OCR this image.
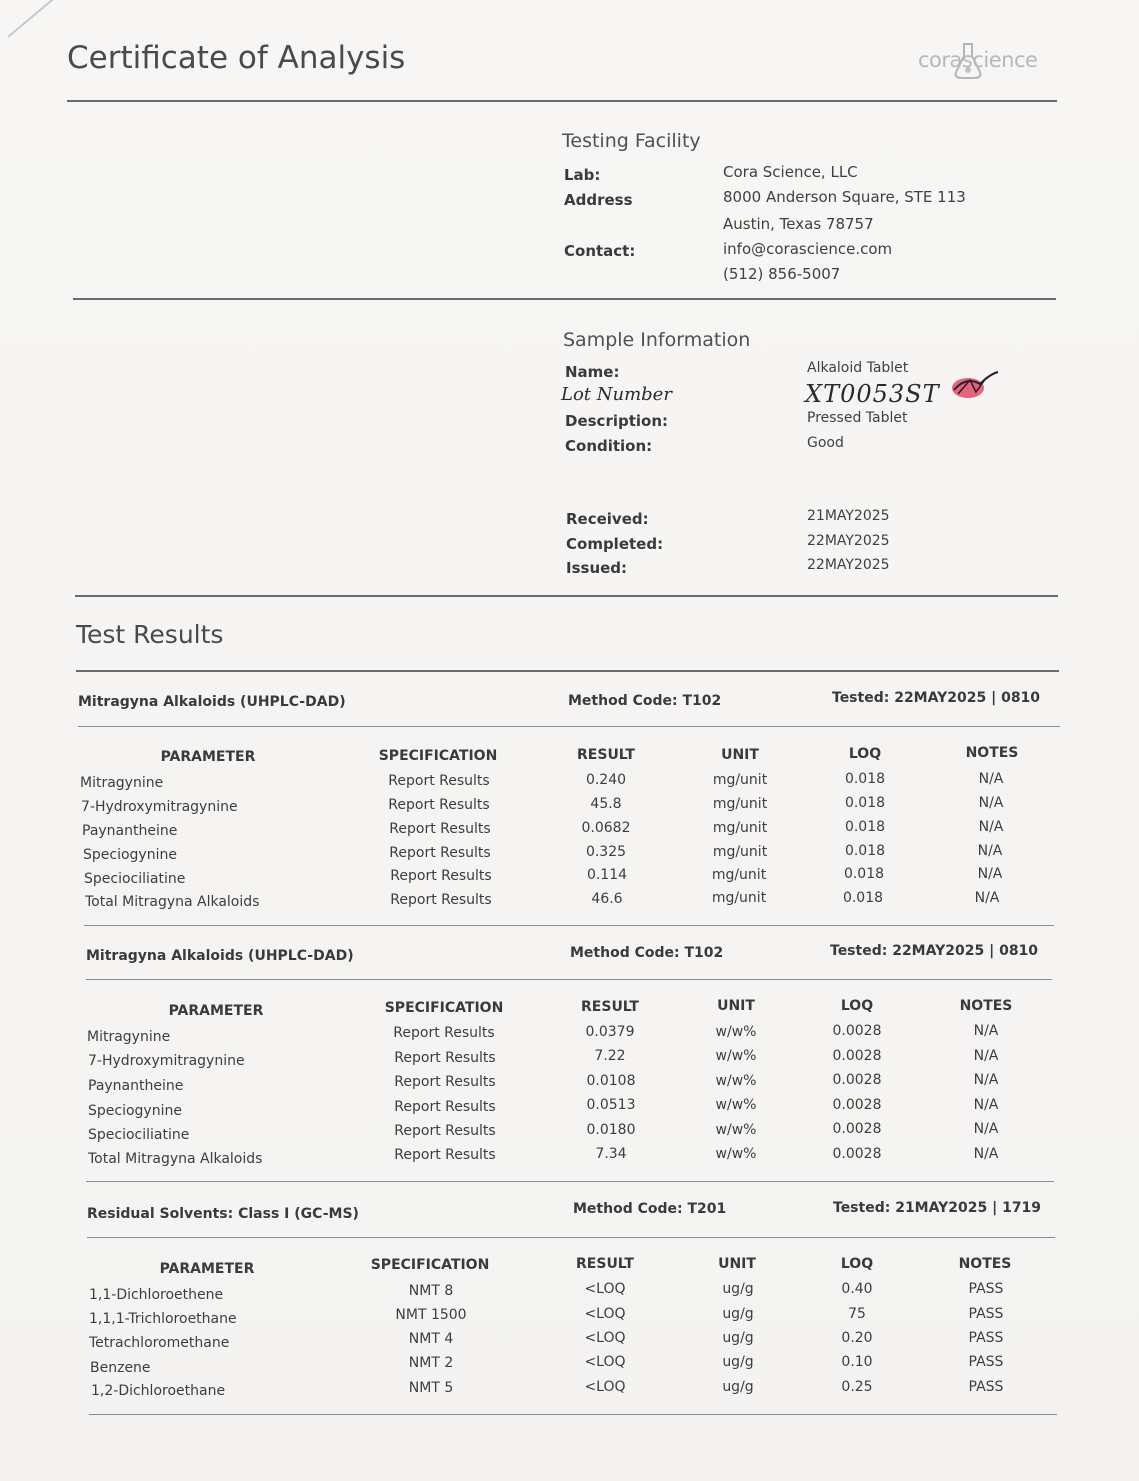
Certificate of Analysis	corascience
Testing Facility
Lab:	Cora Science, LLC
Address	8000 Anderson Square, STE 113
Austin, Texas 78757
Contact:	info@corascience.com
(512) 856-5007
Sample Information
Name:	Alkaloid Tablet
Lot Number	XT0053ST
Description:	Pressed Tablet
Condition:	Good
Received:	21MAY2025
Completed:	22MAY2025
Issued:	22MAY2025
Test Results
Mitragyna Alkaloids (UHPLC-DAD)	Method Code: T102	Tested: 22MAY2025 | 0810
PARAMETER	SPECIFICATION	RESULT	UNIT	LOQ	NOTES
Mitragynine	Report Results	0.240	mg/unit	0.018	N/A
7-Hydroxymitragynine	Report Results	45.8	mg/unit	0.018	N/A
Paynantheine	Report Results	0.0682	mg/unit	0.018	N/A
Speciogynine	Report Results	0.325	mg/unit	0.018	N/A
Speciociliatine	Report Results	0.114	mg/unit	0.018	N/A
Total Mitragyna Alkaloids	Report Results	46.6	mg/unit	0.018	N/A
Mitragyna Alkaloids (UHPLC-DAD)	Method Code: T102	Tested: 22MAY2025 | 0810
PARAMETER	SPECIFICATION	RESULT	UNIT	LOQ	NOTES
Mitragynine	Report Results	0.0379	w/w%	0.0028	N/A
7-Hydroxymitragynine	Report Results	7.22	w/w%	0.0028	N/A
Paynantheine	Report Results	0.0108	w/w%	0.0028	N/A
Speciogynine	Report Results	0.0513	w/w%	0.0028	N/A
Speciociliatine	Report Results	0.0180	w/w%	0.0028	N/A
Total Mitragyna Alkaloids	Report Results	7.34	w/w%	0.0028	N/A
Residual Solvents: Class I (GC-MS)	Method Code: T201	Tested: 21MAY2025 | 1719
PARAMETER	SPECIFICATION	RESULT	UNIT	LOQ	NOTES
1,1-Dichloroethene	NMT 8	<LOQ	ug/g	0.40	PASS
1,1,1-Trichloroethane	NMT 1500	<LOQ	ug/g	75	PASS
Tetrachloromethane	NMT 4	<LOQ	ug/g	0.20	PASS
Benzene	NMT 2	<LOQ	ug/g	0.10	PASS
1,2-Dichloroethane	NMT 5	<LOQ	ug/g	0.25	PASS
